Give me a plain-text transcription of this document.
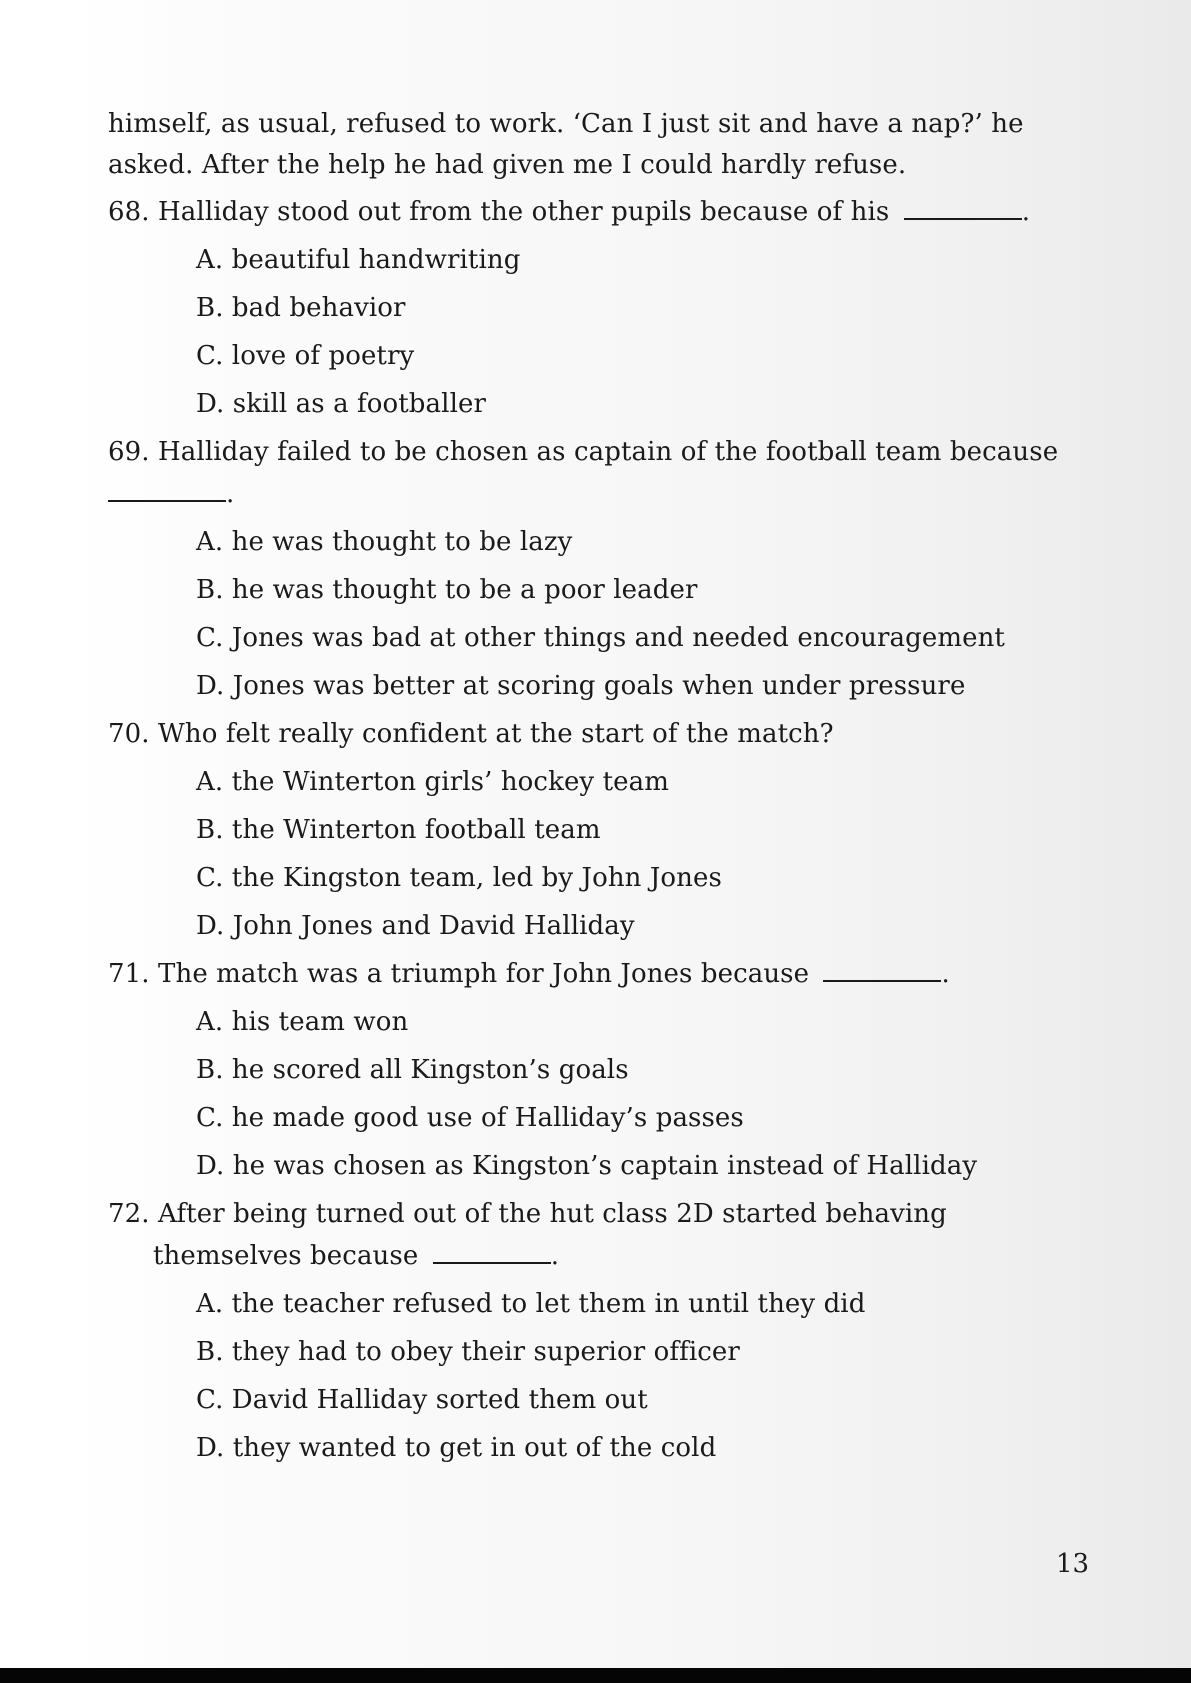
himself, as usual, refused to work. ‘Can I just sit and have a nap?’ he
asked. After the help he had given me I could hardly refuse.
68. Halliday stood out from the other pupils because of his	.
A. beautiful handwriting
B. bad behavior
C. love of poetry
D. skill as a footballer
69. Halliday failed to be chosen as captain of the football team because
.
A. he was thought to be lazy
B. he was thought to be a poor leader
C. Jones was bad at other things and needed encouragement
D. Jones was better at scoring goals when under pressure
70. Who felt really confident at the start of the match?
A. the Winterton girls’ hockey team
B. the Winterton football team
C. the Kingston team, led by John Jones
D. John Jones and David Halliday
71. The match was a triumph for John Jones because	.
A. his team won
B. he scored all Kingston’s goals
C. he made good use of Halliday’s passes
D. he was chosen as Kingston’s captain instead of Halliday
72. After being turned out of the hut class 2D started behaving
themselves because	.
A. the teacher refused to let them in until they did
B. they had to obey their superior officer
C. David Halliday sorted them out
D. they wanted to get in out of the cold
13
